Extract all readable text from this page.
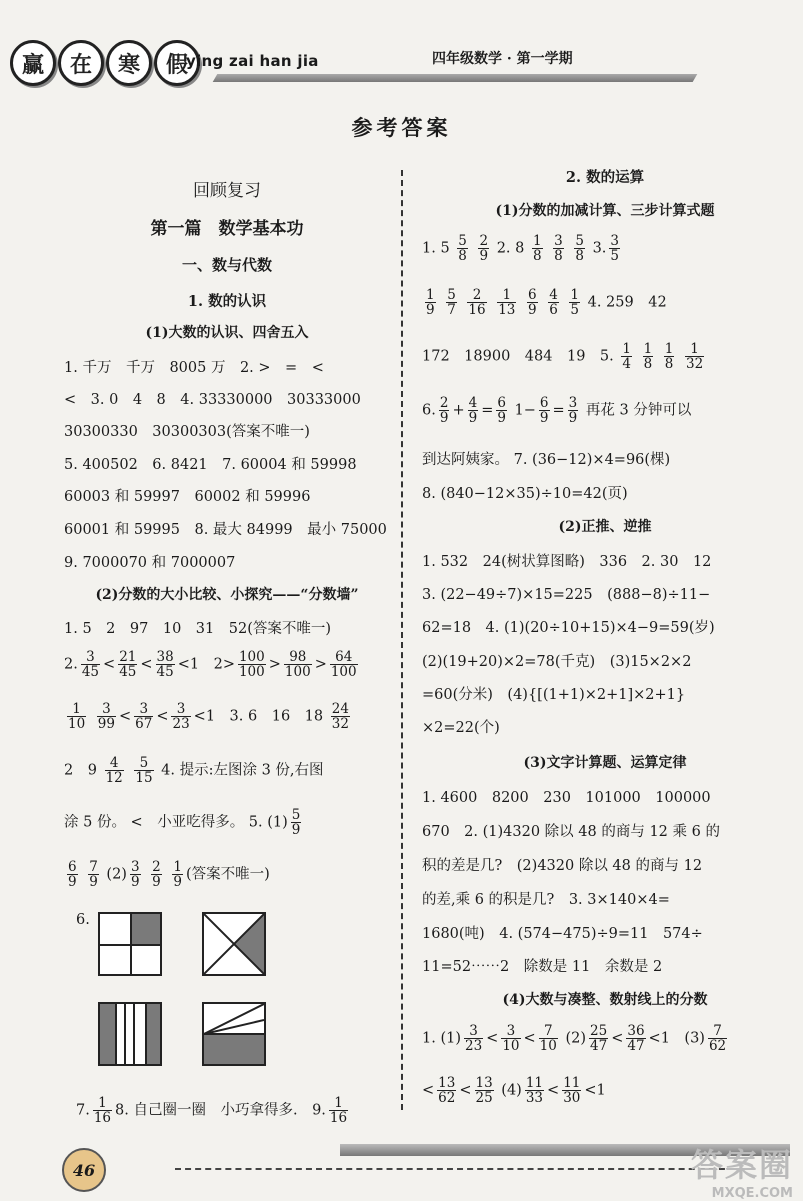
赢	在	寒	假
ying zai han jia	四年级数学 · 第一学期
参考答案
回顾复习
第一篇　数学基本功
一、数与代数
1. 数的认识
(1)大数的认识、四舍五入
1. 千万　千万　8005 万　2. >　=　<
<　3. 0　4　8　4. 33330000　30333000
30300330　30300303(答案不唯一)
5. 400502　6. 8421　7. 60004 和 59998
60003 和 59997　60002 和 59996
60001 和 59995　8. 最大 84999　最小 75000
9. 7000070 和 7000007
(2)分数的大小比较、小探究——“分数墙”
1. 5　2　97　10　31　52(答案不唯一)
2. $\frac{3}{45} < \frac{21}{45} < \frac{38}{45} <1$　$2> \frac{100}{100} > \frac{98}{100} > \frac{64}{100}$
$\frac{1}{10}$
$\frac{3}{99} < \frac{3}{67} < \frac{3}{23} <1$　3. 6　16　$18 \frac{24}{32}$
2　$9 \frac{4}{12}$
$\frac{5}{15} 4$. 提示:左图涂 3 份,右图
涂 5 份。 <　小亚吃得多。 5. $(1) \frac{5}{9}$
$\frac{6}{9}$
$\frac{7}{9} (2) \frac{3}{9}$
$\frac{2}{9}$
$\frac{1}{9}$ (答案不唯一)
6.
7. $\frac{1}{16} 8$. 自己圈一圈　小巧拿得多.　9. $\frac{1}{16}$
2. 数的运算
(1)分数的加减计算、三步计算式题
1. $5 \frac{5}{8}$
$\frac{2}{9} 2$. $8 \frac{1}{8}$
$\frac{3}{8}$
$\frac{5}{8} 3$. $\frac{3}{5}$
$\frac{1}{9}$
$\frac{5}{7}$
$\frac{2}{16}$
$\frac{1}{13}$
$\frac{6}{9}$
$\frac{4}{6}$
$\frac{1}{5} 4$. 259　42
172　18900　484　19　5. $\frac{1}{4}$
$\frac{1}{8}$
$\frac{1}{8}$
$\frac{1}{32}$
6. $\frac{2}{9} + \frac{4}{9} = \frac{6}{9} 1- \frac{6}{9} = \frac{3}{9}$ 再花 3 分钟可以
到达阿姨家。 7. (36−12)×4=96(棵)
8. (840−12×35)÷10=42(页)
(2)正推、逆推
1. 532　24(树状算图略)　336　2. 30　12
3. (22−49÷7)×15=225　(888−8)÷11−
62=18　4. (1)(20÷10+15)×4−9=59(岁)
(2)(19+20)×2=78(千克)　(3)15×2×2
=60(分米)　(4){[(1+1)×2+1]×2+1}
×2=22(个)
(3)文字计算题、运算定律
1. 4600　8200　230　101000　100000
670　2. (1)4320 除以 48 的商与 12 乘 6 的
积的差是几?　(2)4320 除以 48 的商与 12
的差,乘 6 的积是几?　3. 3×140×4=
1680(吨)　4. (574−475)÷9=11　574÷
11=52⋯⋯2　除数是 11　余数是 2
(4)大数与凑整、数射线上的分数
1. $(1) \frac{3}{23} < \frac{3}{10} < \frac{7}{10} (2) \frac{25}{47} < \frac{36}{47} <1$　$(3) \frac{7}{62}$
< $\frac{13}{62} < \frac{13}{25} (4) \frac{11}{33} < \frac{11}{30} <1$
46	答案圈
MXQE.COM
